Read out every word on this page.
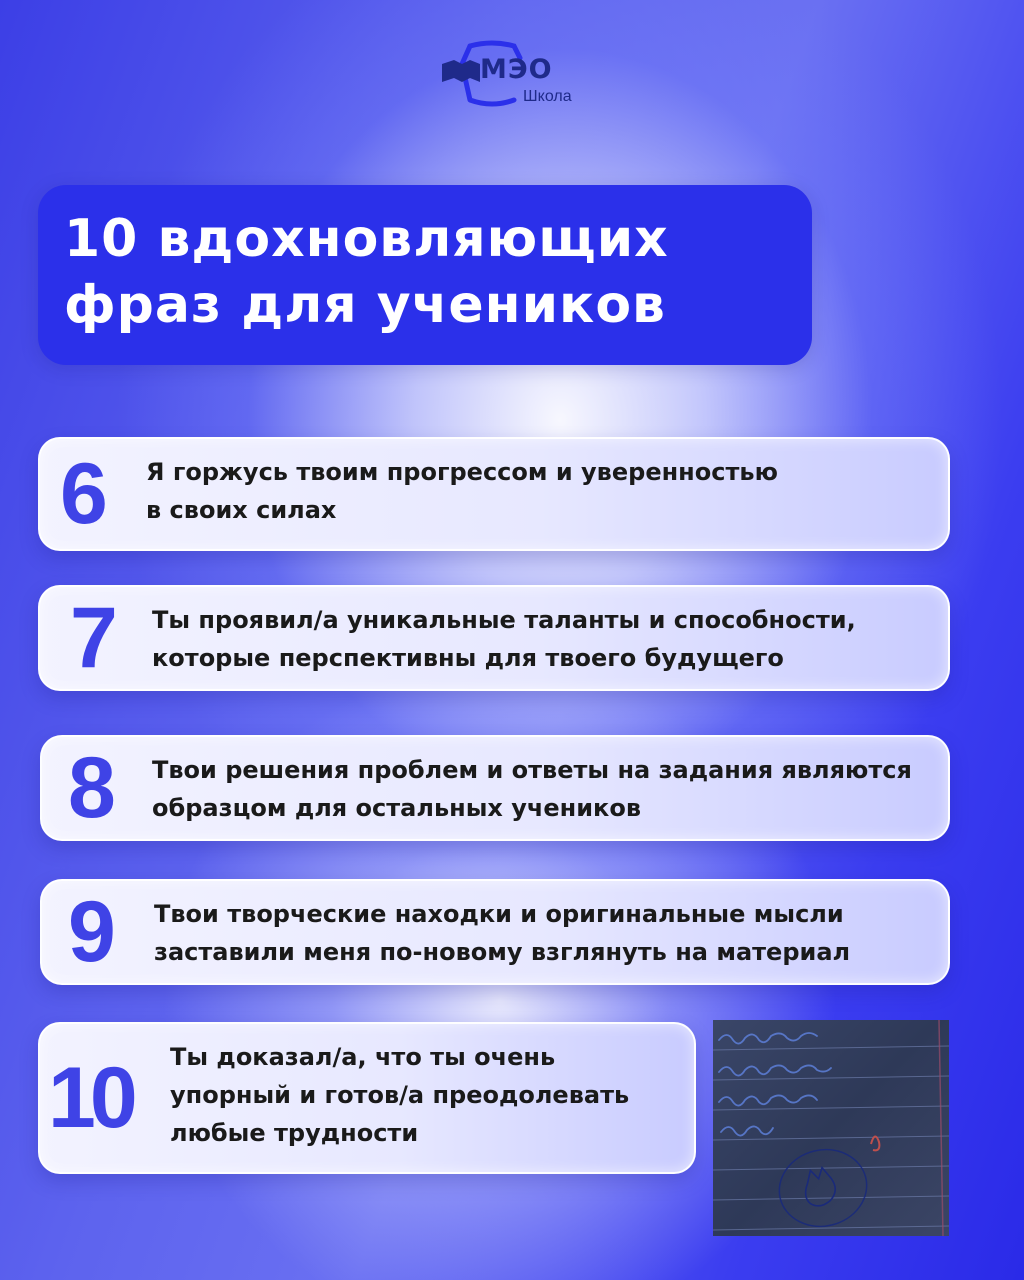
МЭО
Школа
10 вдохновляющих
фраз для учеников
6 Я горжусь твоим прогрессом и уверенностью
в своих силах
7 Ты проявил/а уникальные таланты и способности,
которые перспективны для твоего будущего
8 Твои решения проблем и ответы на задания являются
образцом для остальных учеников
9 Твои творческие находки и оригинальные мысли
заставили меня по-новому взглянуть на материал
10 Ты доказал/а, что ты очень
упорный и готов/а преодолевать
любые трудности
